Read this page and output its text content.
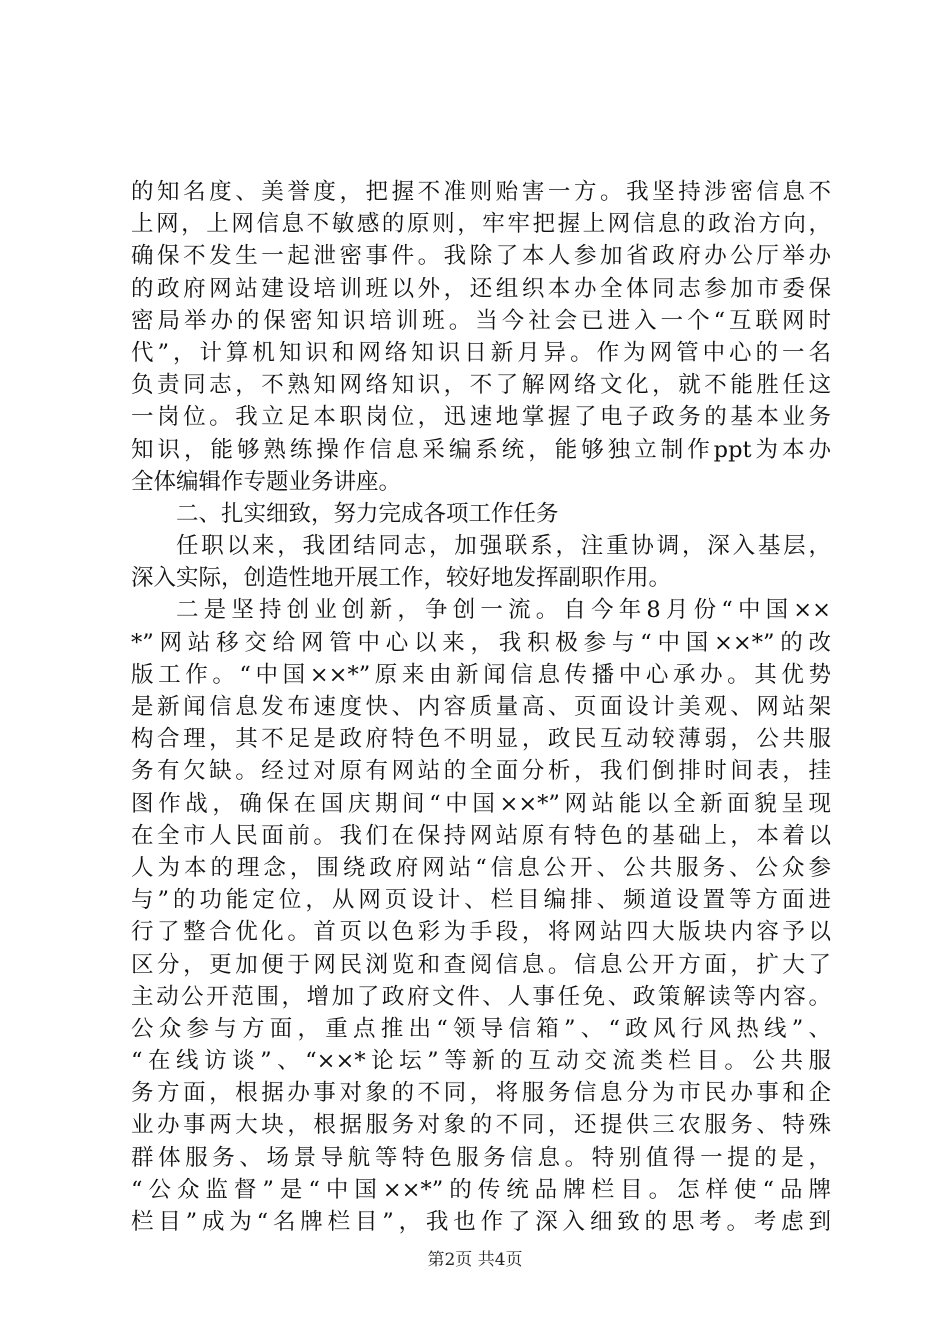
的知名度、美誉度，把握不准则贻害一方。我坚持涉密信息不
上网，上网信息不敏感的原则，牢牢把握上网信息的政治方向，
确保不发生一起泄密事件。我除了本人参加省政府办公厅举办
的政府网站建设培训班以外，还组织本办全体同志参加市委保
密局举办的保密知识培训班。当今社会已进入一个“互联网时
代”，计算机知识和网络知识日新月异。作为网管中心的一名
负责同志，不熟知网络知识，不了解网络文化，就不能胜任这
一岗位。我立足本职岗位，迅速地掌握了电子政务的基本业务
知识，能够熟练操作信息采编系统，能够独立制作ppt为本办
全体编辑作专题业务讲座。
二、扎实细致，努力完成各项工作任务
任职以来，我团结同志，加强联系，注重协调，深入基层，
深入实际，创造性地开展工作，较好地发挥副职作用。
二是坚持创业创新，争创一流。自今年8月份“中国××
*”网站移交给网管中心以来，我积极参与“中国××*”的改
版工作。“中国××*”原来由新闻信息传播中心承办。其优势
是新闻信息发布速度快、内容质量高、页面设计美观、网站架
构合理，其不足是政府特色不明显，政民互动较薄弱，公共服
务有欠缺。经过对原有网站的全面分析，我们倒排时间表，挂
图作战，确保在国庆期间“中国××*”网站能以全新面貌呈现
在全市人民面前。我们在保持网站原有特色的基础上，本着以
人为本的理念，围绕政府网站“信息公开、公共服务、公众参
与”的功能定位，从网页设计、栏目编排、频道设置等方面进
行了整合优化。首页以色彩为手段，将网站四大版块内容予以
区分，更加便于网民浏览和查阅信息。信息公开方面，扩大了
主动公开范围，增加了政府文件、人事任免、政策解读等内容。
公众参与方面，重点推出“领导信箱”、“政风行风热线”、
“在线访谈”、“××*论坛”等新的互动交流类栏目。公共服
务方面，根据办事对象的不同，将服务信息分为市民办事和企
业办事两大块，根据服务对象的不同，还提供三农服务、特殊
群体服务、场景导航等特色服务信息。特别值得一提的是，
“公众监督”是“中国××*”的传统品牌栏目。怎样使“品牌
栏目”成为“名牌栏目”，我也作了深入细致的思考。考虑到
第2页 共4页
